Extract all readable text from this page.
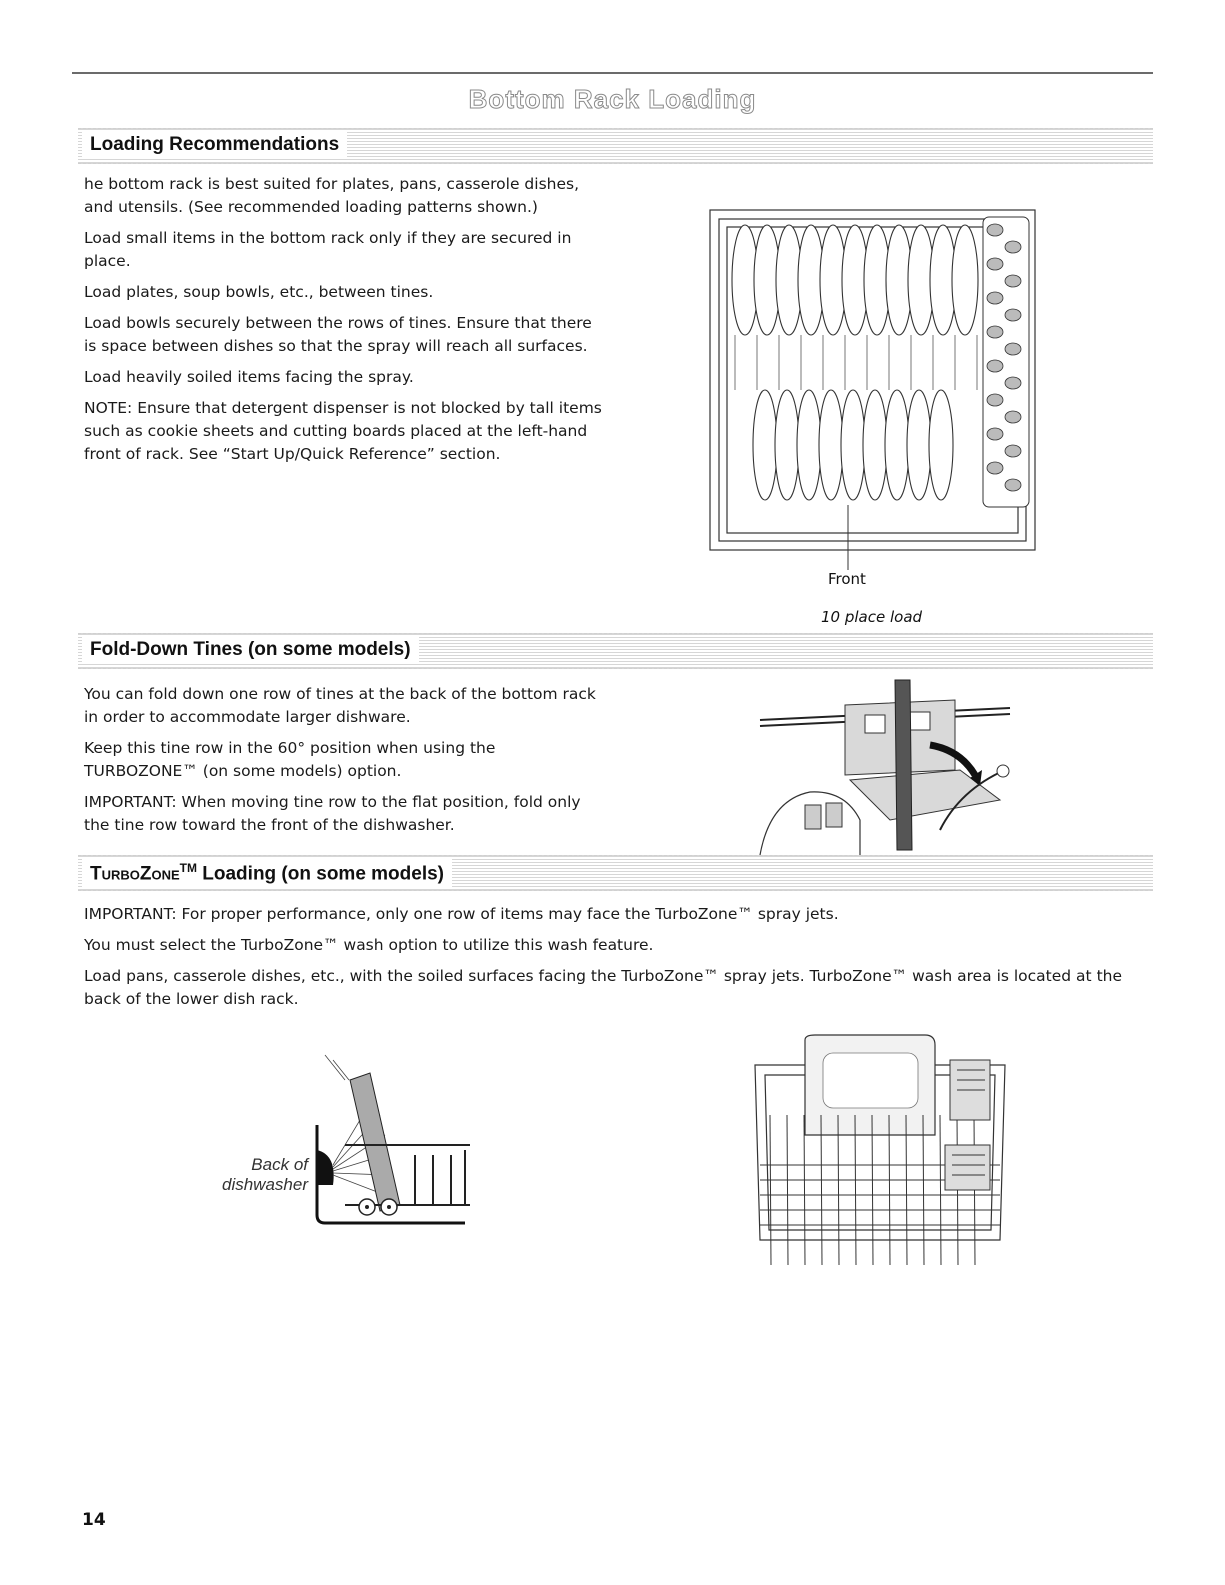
Bottom Rack Loading
Loading Recommendations

he bottom rack is best suited for plates, pans, casserole dishes, and utensils. (See recommended loading patterns shown.)

Load small items in the bottom rack only if they are secured in place.

Load plates, soup bowls, etc., between tines.

Load bowls securely between the rows of tines. Ensure that there is space between dishes so that the spray will reach all surfaces.

Load heavily soiled items facing the spray.

NOTE: Ensure that detergent dispenser is not blocked by tall items such as cookie sheets and cutting boards placed at the left-hand front of rack. See “Start Up/Quick Reference” section.

Front
10 place load
Fold-Down Tines (on some models)

You can fold down one row of tines at the back of the bottom rack in order to accommodate larger dishware.

Keep this tine row in the 60° position when using the TURBOZONE™ (on some models) option.

IMPORTANT: When moving tine row to the flat position, fold only the tine row toward the front of the dishwasher.

TURBOZONE™ Loading (on some models)

IMPORTANT: For proper performance, only one row of items may face the TurboZone™ spray jets.

You must select the TurboZone™ wash option to utilize this wash feature.

Load pans, casserole dishes, etc., with the soiled surfaces facing the TurboZone™ spray jets. TurboZone™ wash area is located at the back of the lower dish rack.

Back of
dishwasher
14
